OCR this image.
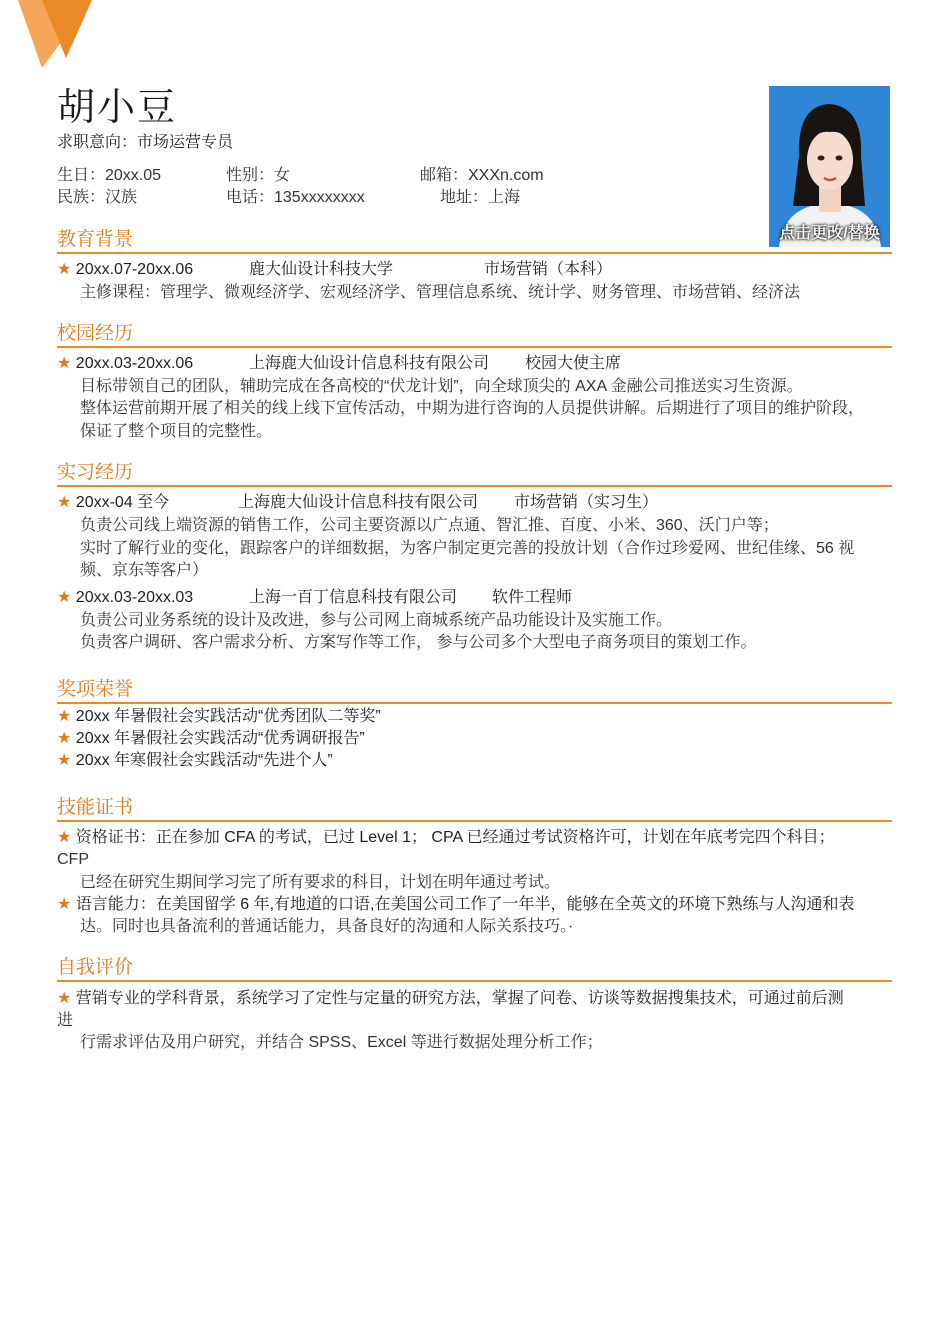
胡小豆
求职意向：市场运营专员
生日：20xx.05	性别：女	邮箱：XXXn.com
民族：汉族	电话：135xxxxxxxx	地址：上海
点击更改/替换
教育背景
★ 20xx.07-20xx.06	鹿大仙设计科技大学	市场营销（本科）
主修课程：管理学、微观经济学、宏观经济学、管理信息系统、统计学、财务管理、市场营销、经济法
校园经历
★ 20xx.03-20xx.06	上海鹿大仙设计信息科技有限公司 校园大使主席
目标带领自己的团队，辅助完成在各高校的“伏龙计划”，向全球顶尖的 AXA 金融公司推送实习生资源。
整体运营前期开展了相关的线上线下宣传活动，中期为进行咨询的人员提供讲解。后期进行了项目的维护阶段，
保证了整个项目的完整性。
实习经历
★ 20xx-04 至今	上海鹿大仙设计信息科技有限公司 市场营销（实习生）
负责公司线上端资源的销售工作，公司主要资源以广点通、智汇推、百度、小米、360、沃门户等；
实时了解行业的变化，跟踪客户的详细数据，为客户制定更完善的投放计划（合作过珍爱网、世纪佳缘、56 视
频、京东等客户）
★ 20xx.03-20xx.03	上海一百丁信息科技有限公司 软件工程师
负责公司业务系统的设计及改进，参与公司网上商城系统产品功能设计及实施工作。
负责客户调研、客户需求分析、方案写作等工作， 参与公司多个大型电子商务项目的策划工作。
奖项荣誉
★ 20xx 年暑假社会实践活动“优秀团队二等奖”
★ 20xx 年暑假社会实践活动“优秀调研报告”
★ 20xx 年寒假社会实践活动“先进个人”
技能证书
★ 资格证书：正在参加 CFA 的考试，已过 Level 1； CPA 已经通过考试资格许可，计划在年底考完四个科目；
CFP
已经在研究生期间学习完了所有要求的科目，计划在明年通过考试。
★ 语言能力：在美国留学 6 年,有地道的口语,在美国公司工作了一年半，能够在全英文的环境下熟练与人沟通和表
达。同时也具备流利的普通话能力，具备良好的沟通和人际关系技巧。·
自我评价
★ 营销专业的学科背景，系统学习了定性与定量的研究方法，掌握了问卷、访谈等数据搜集技术，可通过前后测
进
行需求评估及用户研究，并结合 SPSS、Excel 等进行数据处理分析工作；
